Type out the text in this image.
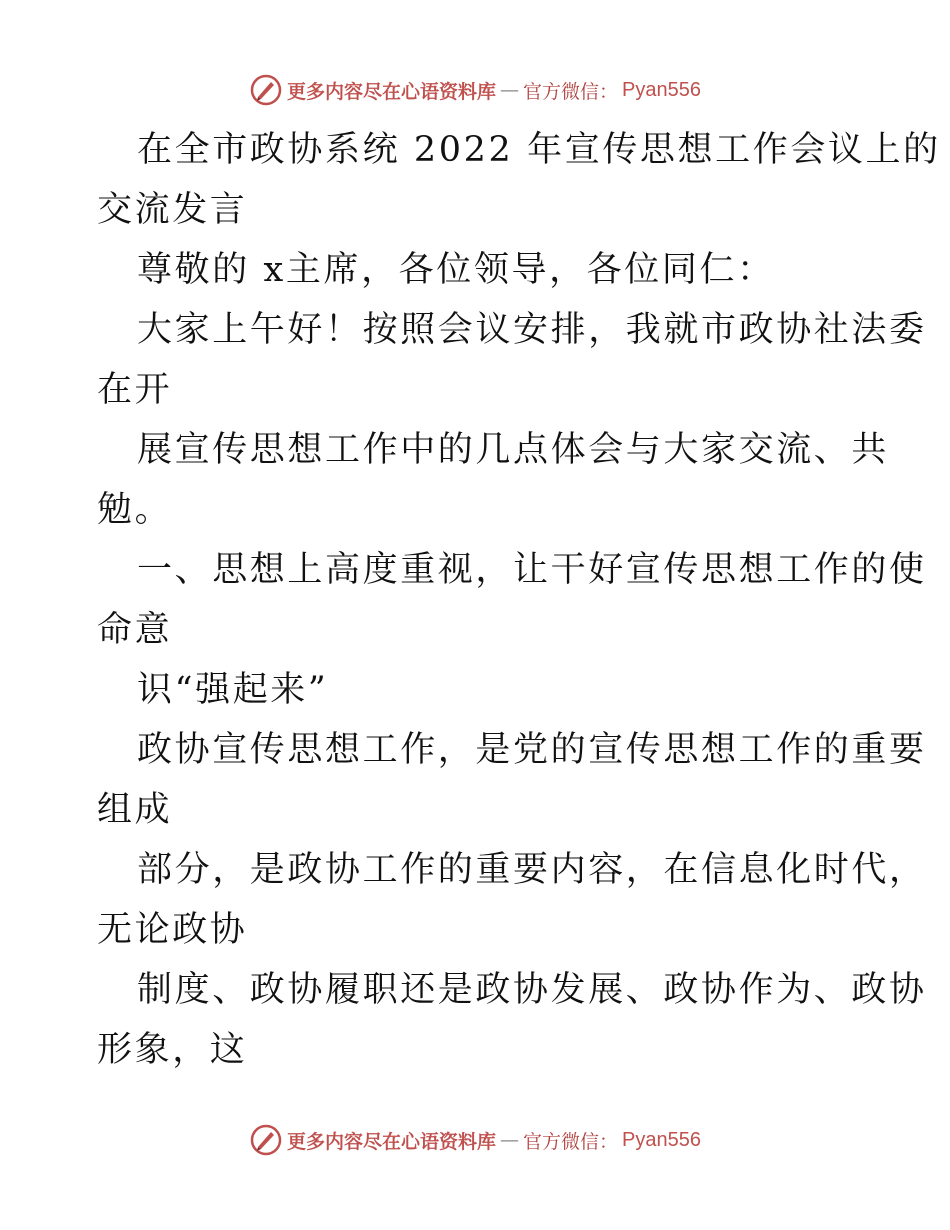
更多内容尽在心语资料库 — 官方微信： Pyan556
在全市政协系统 2022 年宣传思想工作会议上的
交流发言
尊敬的 x主席，各位领导，各位同仁：
大家上午好！按照会议安排，我就市政协社法委
在开
展宣传思想工作中的几点体会与大家交流、共
勉。
一、思想上高度重视，让干好宣传思想工作的使
命意
识“强起来”
政协宣传思想工作，是党的宣传思想工作的重要
组成
部分，是政协工作的重要内容，在信息化时代，
无论政协
制度、政协履职还是政协发展、政协作为、政协
形象，这
更多内容尽在心语资料库 — 官方微信： Pyan556
